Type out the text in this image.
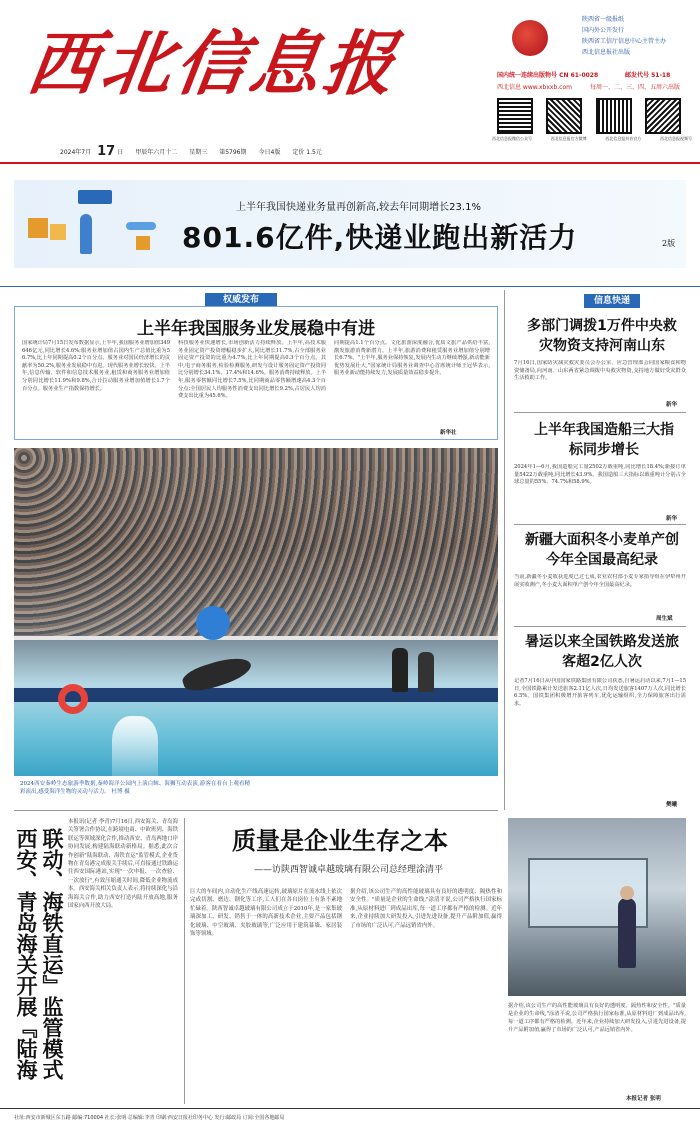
西北信息报
陕西省一级报纸
国内外公开发行
陕西省工信厅信息中心主管主办
西北信息报社出版
国内统一连续出版物号 CN 61-0028	邮发代号 51-18
西北信息 www.xbxxb.com	每周一、二、三、四、五周六出版
西北信息报微信公众号	西北信息报官方微博	西北信息报抖音官方	西北信息报视频号
2024年7月 17 日 甲辰年六月十二 星期三 第5796期 今日4版 定价 1.5元
上半年我国快递业务量再创新高,较去年同期增长23.1%
801.6亿件,快递业跑出新活力	2版
权威发布
上半年我国服务业发展稳中有进
国家统计局7月15日发布数据显示,上半年,我国服务业增加值349646亿元,同比增长4.6%;服务业增加值占国内生产总值比重为56.7%,比上年同期提高0.2个百分点。服务业对国民经济增长的贡献率为50.2%,服务业发展稳中有进。现代服务业增长较快。上半年,信息传输、软件和信息技术服务业,租赁和商务服务业增加值分别同比增长11.9%和9.8%,合计拉动服务业增加值增长1.7个百分点。服务业生产指数保持增长。
科技服务业快速增长,市场创新活力持续释放。上半年,高技术服务业固定资产投资增幅稳步扩大,同比增长11.7%,占全部服务业固定资产投资的比重为4.7%,比上年同期提高0.3个百分点。其中,电子商务服务,检验检测服务,研发与设计服务固定资产投资同比分别增长34.1%、17.4%和14.6%。服务消费持续释放。上半年,服务零售额同比增长7.5%,比同期商品零售额增速高4.3个百分点;全国居民人均服务性消费支出同比增长9.2%,占居民人均消费支出比重为45.6%。
同期提高1.1个百分点。文化旅游深度融合,优质文旅产品供给丰富,激发旅游消费新潜力。上半年,旅游消费和租赁服务业增加值分别增长6.7%。"上半年,服务业保持恢复,发展内生动力继续增强,新动能新优势发展壮大,"国家统计局服务业调查中心首席统计师王冠华表示,服务业新动能持续发力,发展质量效益稳步提升。
新华社
2024西安秦岭生态旅游季数据,秦岭海洋公园内上演白鲸、海狮互动表演,游客在看台上观看精彩演出,感受海洋生物的灵动与活力。 杜博 摄
西安、青岛海关开展『陆海 联动、海铁直运』监管模式
本报讯(记者 李青)7月16日,西安海关、青岛海关签署合作协议,在跨境电商、中欧班列、海铁联运等领域深化合作,推动西安、青岛两地口岸协同发展,构建陆海联动新格局。据悉,此次合作创新"陆海联动、海铁直运"监管模式,企业货物在青岛港完成报关手续后,可直接通过铁路运往西安国际港站,实现"一次申报、一次查验、一次放行",有效压缩通关时间,降低企业物流成本。西安海关相关负责人表示,将持续深化与沿海海关合作,助力西安打造内陆开放高地,服务国家向西开放大局。
质量是企业生存之本
——访陕西智诚卓越玻璃有限公司总经理涂清平
巨大的车间内,自动化生产线高速运转,玻璃原片在流水线上依次完成切割、磨边、钢化等工序,工人们在各自岗位上有条不紊地忙碌着。陕西智诚卓越玻璃有限公司成立于2010年,是一家集玻璃深加工、研发、销售于一体的高新技术企业,主要产品包括钢化玻璃、中空玻璃、夹胶玻璃等,广泛应用于建筑幕墙、家居装饰等领域。
据介绍,该公司生产的高性能玻璃具有良好的透明度、隔热性和安全性。"质量是企业的生命线,"涂清平说,公司严格执行国家标准,从原材料进厂到成品出库,每一道工序都有严格的检测。近年来,企业持续加大研发投入,引进先进设备,提升产品附加值,赢得了市场的广泛认可,产品远销省内外。
据介绍,该公司生产的高性能玻璃具有良好的透明度、隔热性和安全性。"质量是企业的生命线,"涂清平说,公司严格执行国家标准,从原材料进厂到成品出库,每一道工序都有严格的检测。近年来,企业持续加大研发投入,引进先进设备,提升产品附加值,赢得了市场的广泛认可,产品远销省内外。
本报记者 张明
信息快递
多部门调拨1万件中央救灾物资支持河南山东
7月16日,国家防灾减灾救灾委员会办公室、应急管理部会同国家粮食和物资储备局,向河南、山东两省紧急调拨中央救灾物资,支持地方做好受灾群众生活救助工作。
新华
上半年我国造船三大指标同步增长
2024年1—6月,我国造船完工量2502万载重吨,同比增长18.4%;新接订单量5422万载重吨,同比增长43.9%。我国造船三大指标以载重吨计分别占全球总量的55%、74.7%和58.9%。
新华
新疆大面积冬小麦单产创今年全国最高纪录
当前,新疆冬小麦收获进度已过七成,农业农村部小麦专家指导组在伊犁州开展实收测产,冬小麦大面积单产创今年全国最高纪录。
周生斌
暑运以来全国铁路发送旅客超2亿人次
记者7月16日从中国国家铁路集团有限公司获悉,自暑运启动以来,7月1—15日,全国铁路累计发送旅客2.11亿人次,日均发送旅客1407万人次,同比增长6.5%。国铁集团积极增开旅客列车,优化运输组织,全力保障旅客出行需求。
樊曦
社址:西安市新城区东五路 邮编:710004 社长:张明 总编辑:李青 印刷:西安日报社印务中心 发行:邮政局 订阅:全国各地邮局
